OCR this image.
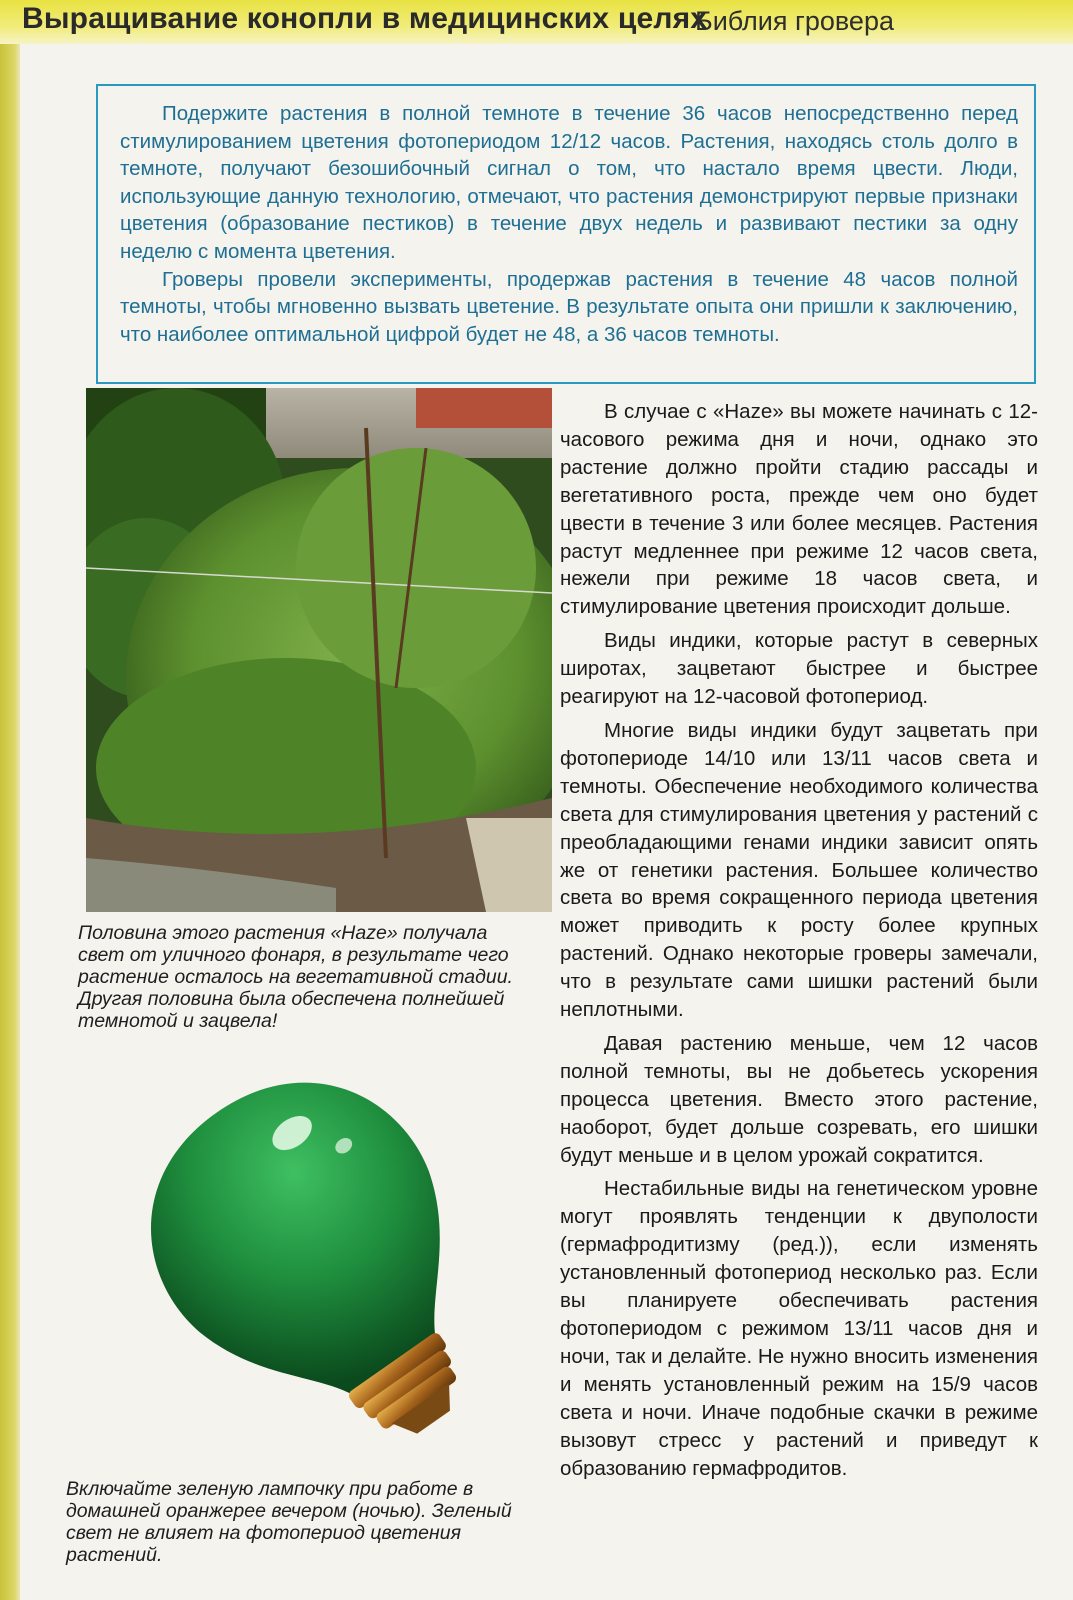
Выращивание конопли в медицинских целях
Библия гровера

Подержите растения в полной темноте в течение 36 часов непосредственно перед стимулированием цветения фотопериодом 12/12 часов. Растения, находясь столь долго в темноте, получают безошибочный сигнал о том, что настало время цвести. Люди, использующие данную технологию, отмечают, что растения демонстрируют первые признаки цветения (образование пестиков) в течение двух недель и развивают пестики за одну неделю с момента цветения.

Гроверы провели эксперименты, продержав растения в течение 48 часов полной темноты, чтобы мгновенно вызвать цветение. В результате опыта они пришли к заключению, что наиболее оптимальной цифрой будет не 48, а 36 часов темноты.

Половина этого растения «Haze» получала свет от уличного фонаря, в результате чего растение осталось на вегетативной стадии. Другая половина была обеспечена полнейшей темнотой и зацвела!
Включайте зеленую лампочку при работе в домашней оранжерее вечером (ночью). Зеленый свет не влияет на фотопериод цветения растений.

В случае с «Haze» вы можете начинать с 12-часового режима дня и ночи, однако это растение должно пройти стадию рассады и вегетативного роста, прежде чем оно будет цвести в течение 3 или более месяцев. Растения растут медленнее при режиме 12 часов света, нежели при режиме 18 часов света, и стимулирование цветения происходит дольше.

Виды индики, которые растут в северных широтах, зацветают быстрее и быстрее реагируют на 12-часовой фотопериод.

Многие виды индики будут зацветать при фотопериоде 14/10 или 13/11 часов света и темноты. Обеспечение необходимого количества света для стимулирования цветения у растений с преобладающими генами индики зависит опять же от генетики растения. Большее количество света во время сокращенного периода цветения может приводить к росту более крупных растений. Однако некоторые гроверы замечали, что в результате сами шишки растений были неплотными.

Давая растению меньше, чем 12 часов полной темноты, вы не добьетесь ускорения процесса цветения. Вместо этого растение, наоборот, будет дольше созревать, его шишки будут меньше и в целом урожай сократится.

Нестабильные виды на генетическом уровне могут проявлять тенденции к двуполости (гермафродитизму (ред.)), если изменять установленный фотопериод несколько раз. Если вы планируете обеспечивать растения фотопериодом с режимом 13/11 часов дня и ночи, так и делайте. Не нужно вносить изменения и менять установленный режим на 15/9 часов света и ночи. Иначе подобные скачки в режиме вызовут стресс у растений и приведут к образованию гермафродитов.
